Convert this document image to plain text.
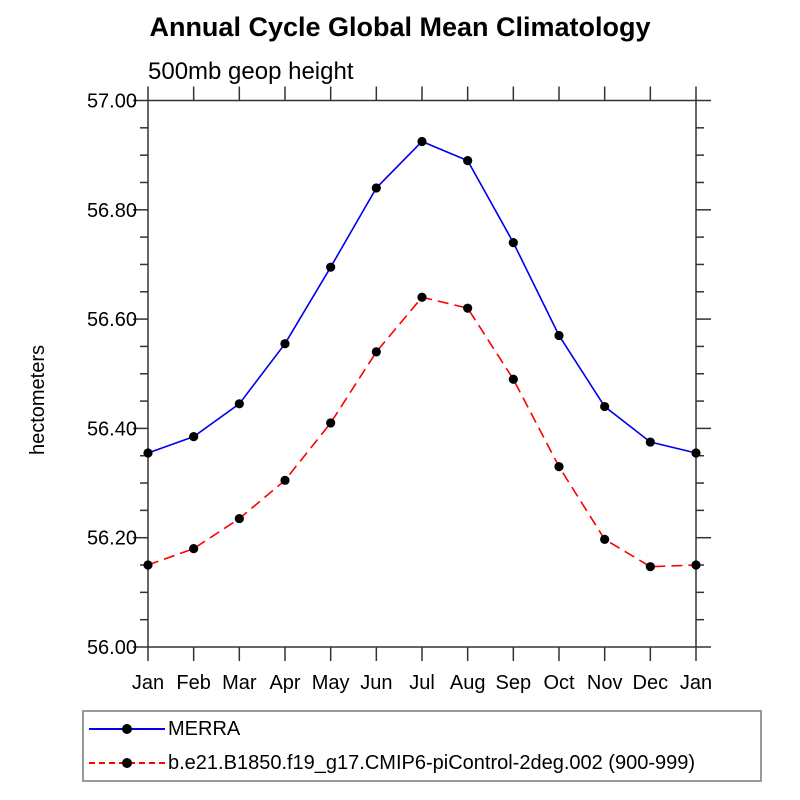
Annual Cycle Global Mean Climatology
500mb geop height
Jan Feb Mar Apr May Jun Jul Aug Sep Oct Nov Dec Jan
56.00
56.20
56.40
56.60
56.80
57.00
hectometers
MERRA
b.e21.B1850.f19_g17.CMIP6-piControl-2deg.002 (900-999)
